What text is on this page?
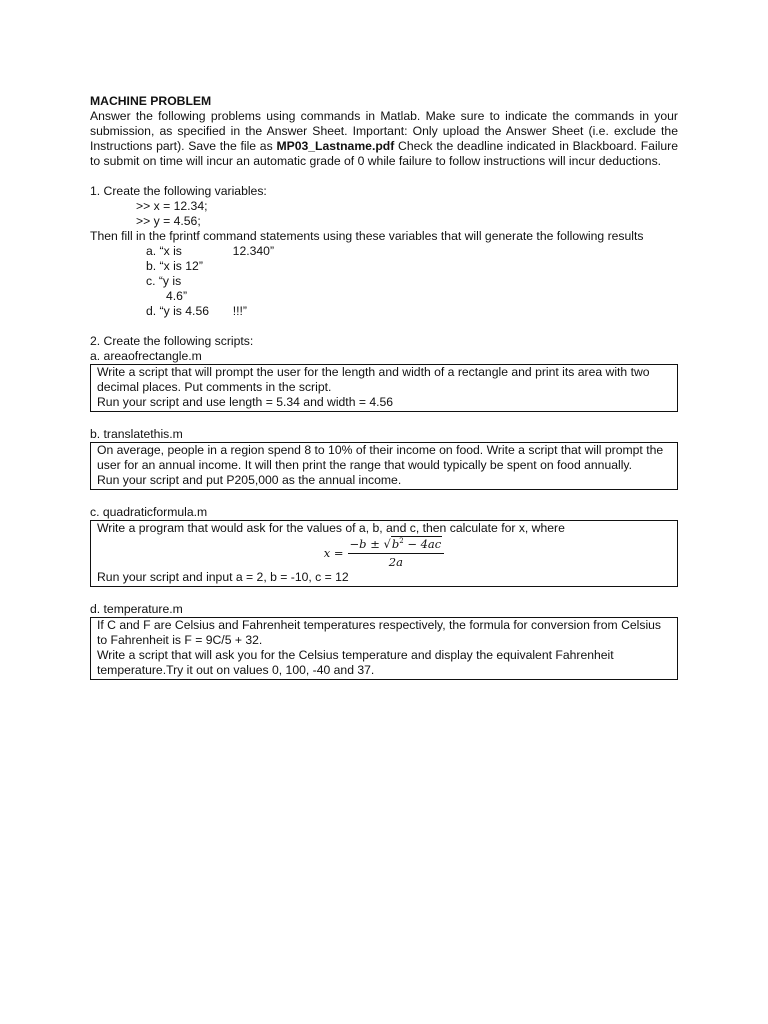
MACHINE PROBLEM

Answer the following problems using commands in Matlab. Make sure to indicate the commands in your submission, as specified in the Answer Sheet. Important: Only upload the Answer Sheet (i.e. exclude the Instructions part). Save the file as MP03_Lastname.pdf Check the deadline indicated in Blackboard. Failure to submit on time will incur an automatic grade of 0 while failure to follow instructions will incur deductions.

1. Create the following variables:

>> x = 12.34;

>> y = 4.56;

Then fill in the fprintf command statements using these variables that will generate the following results

a. “x is               12.340”

b. “x is 12”

c. “y is

4.6”

d. “y is 4.56       !!!”

2. Create the following scripts:

a. areaofrectangle.m

Write a script that will prompt the user for the length and width of a rectangle and print its area with two decimal places. Put comments in the script.

Run your script and use length = 5.34 and width = 4.56

b. translatethis.m

On average, people in a region spend 8 to 10% of their income on food. Write a script that will prompt the user for an annual income. It will then print the range that would typically be spent on food annually.

Run your script and put P205,000 as the annual income.

c. quadraticformula.m

Write a program that would ask for the values of a, b, and c, then calculate for x, where

$x = \frac{-b \pm √b^2 - 4ac}{2a}$

Run your script and input a = 2, b = -10, c = 12

d. temperature.m

If C and F are Celsius and Fahrenheit temperatures respectively, the formula for conversion from Celsius to Fahrenheit is F = 9C/5 + 32.

Write a script that will ask you for the Celsius temperature and display the equivalent Fahrenheit temperature.Try it out on values 0, 100, -40 and 37.
